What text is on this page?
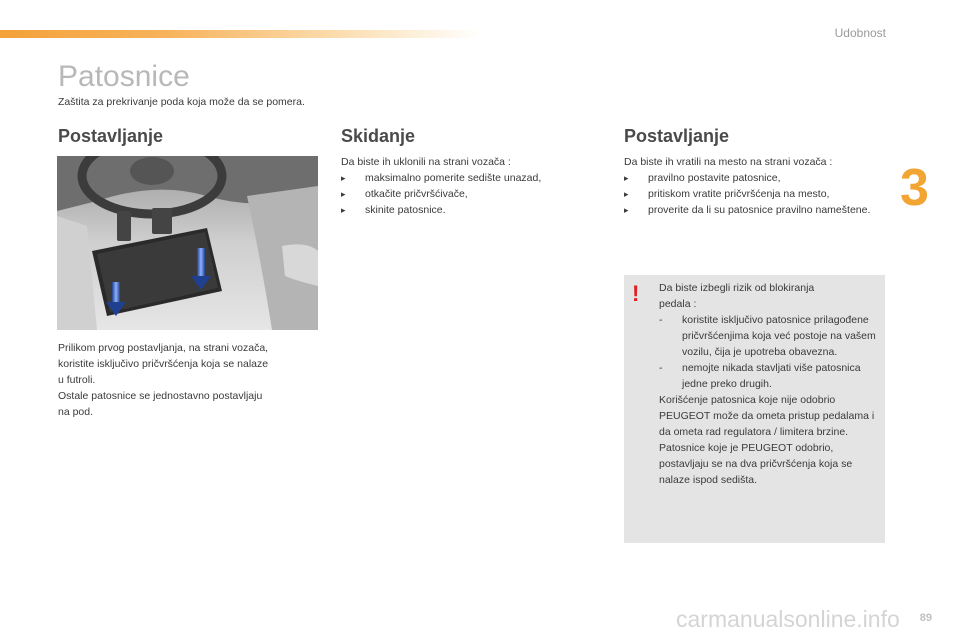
Udobnost
3
Patosnice
Zaštita za prekrivanje poda koja može da se pomera.
Postavljanje
Prilikom prvog postavljanja, na strani vozača,
koristite isključivo pričvršćenja koja se nalaze
u futroli.
Ostale patosnice se jednostavno postavljaju
na pod.
Skidanje
Da biste ih uklonili na strani vozača :
▸ maksimalno pomerite sedište unazad,
▸ otkačite pričvršćivače,
▸ skinite patosnice.
Postavljanje
Da biste ih vratili na mesto na strani vozača :
▸ pravilno postavite patosnice,
▸ pritiskom vratite pričvršćenja na mesto,
▸ proverite da li su patosnice pravilno nameštene.
! Da biste izbegli rizik od blokiranja
pedala :
- koristite isključivo patosnice prilagođene pričvršćenjima koja već postoje na vašem vozilu, čija je upotreba obavezna.
- nemojte nikada stavljati više patosnica jedne preko drugih.
Korišćenje patosnica koje nije odobrio PEUGEOT može da ometa pristup pedalama i da ometa rad regulatora / limitera brzine.
Patosnice koje je PEUGEOT odobrio, postavljaju se na dva pričvršćenja koja se nalaze ispod sedišta.
carmanualsonline.info 89
